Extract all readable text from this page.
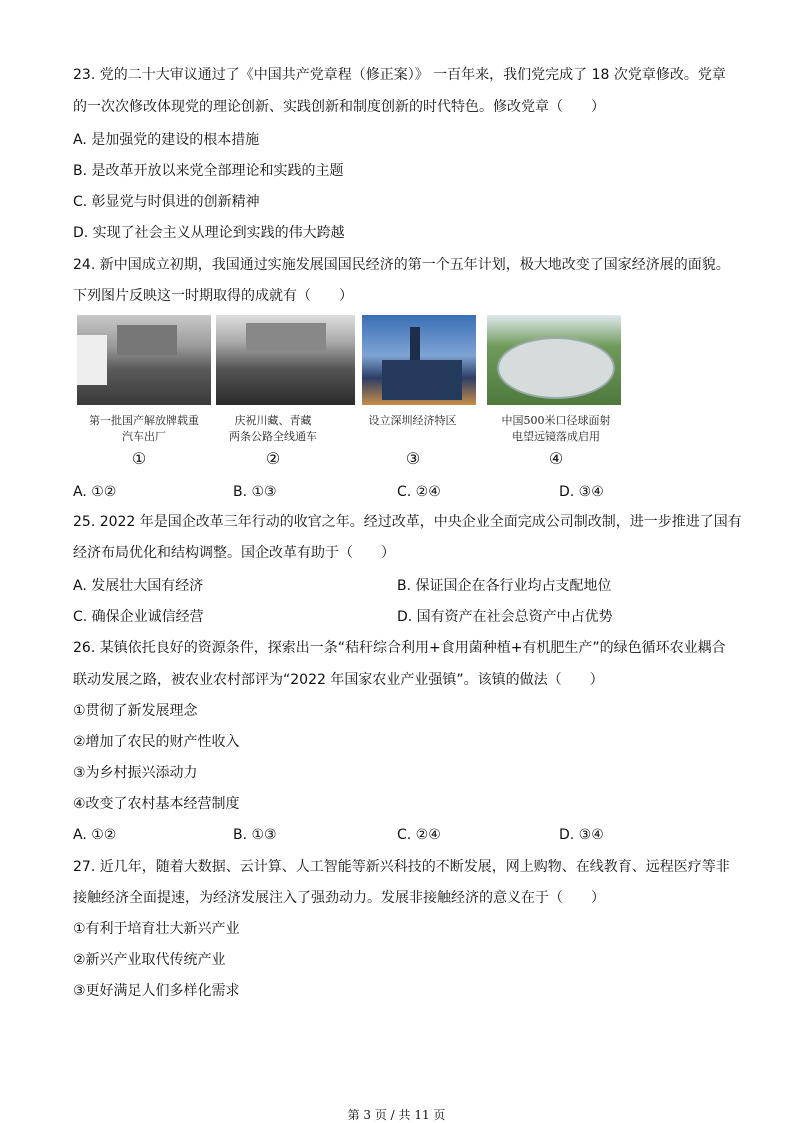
23. 党的二十大审议通过了《中国共产党章程（修正案）》 一百年来，我们党完成了 18 次党章修改。党章
的一次次修改体现党的理论创新、实践创新和制度创新的时代特色。修改党章（　　）
A. 是加强党的建设的根本措施
B. 是改革开放以来党全部理论和实践的主题
C. 彰显党与时俱进的创新精神
D. 实现了社会主义从理论到实践的伟大跨越
24. 新中国成立初期，我国通过实施发展国国民经济的第一个五年计划，极大地改变了国家经济展的面貌。
下列图片反映这一时期取得的成就有（　　）
第一批国产解放牌载重
汽车出厂
庆祝川藏、青藏
两条公路全线通车
设立深圳经济特区	中国500米口径球面射
电望远镜落成启用
①	②	③	④
A. ①②	B. ①③	C. ②④	D. ③④
25. 2022 年是国企改革三年行动的收官之年。经过改革，中央企业全面完成公司制改制，进一步推进了国有
经济布局优化和结构调整。国企改革有助于（　　）
A. 发展壮大国有经济	B. 保证国企在各行业均占支配地位
C. 确保企业诚信经营	D. 国有资产在社会总资产中占优势
26. 某镇依托良好的资源条件，探索出一条“秸秆综合利用+食用菌种植+有机肥生产”的绿色循环农业耦合
联动发展之路，被农业农村部评为“2022 年国家农业产业强镇”。该镇的做法（　　）
①贯彻了新发展理念
②增加了农民的财产性收入
③为乡村振兴添动力
④改变了农村基本经营制度
A. ①②	B. ①③	C. ②④	D. ③④
27. 近几年，随着大数据、云计算、人工智能等新兴科技的不断发展，网上购物、在线教育、远程医疗等非
接触经济全面提速，为经济发展注入了强劲动力。发展非接触经济的意义在于（　　）
①有利于培育壮大新兴产业
②新兴产业取代传统产业
③更好满足人们多样化需求
第 3 页 / 共 11 页
